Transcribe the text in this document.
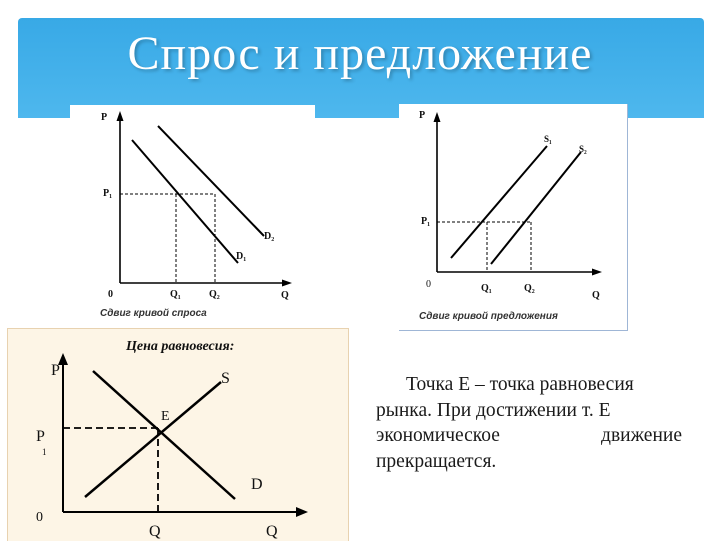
Спрос и предложение
P
P₁
0	Q₁	Q₂	Q
D₂
D₁
Сдвиг кривой спроса
P
P₁
0	Q₁	Q₂
Q
S₁
S₂
Сдвиг кривой предложения
Цена равновесия:
P
P
1
0
Q	Q
S
D
E
Точка E – точка равновесия
рынка. При достижении т. E
экономическое движение
прекращается.
